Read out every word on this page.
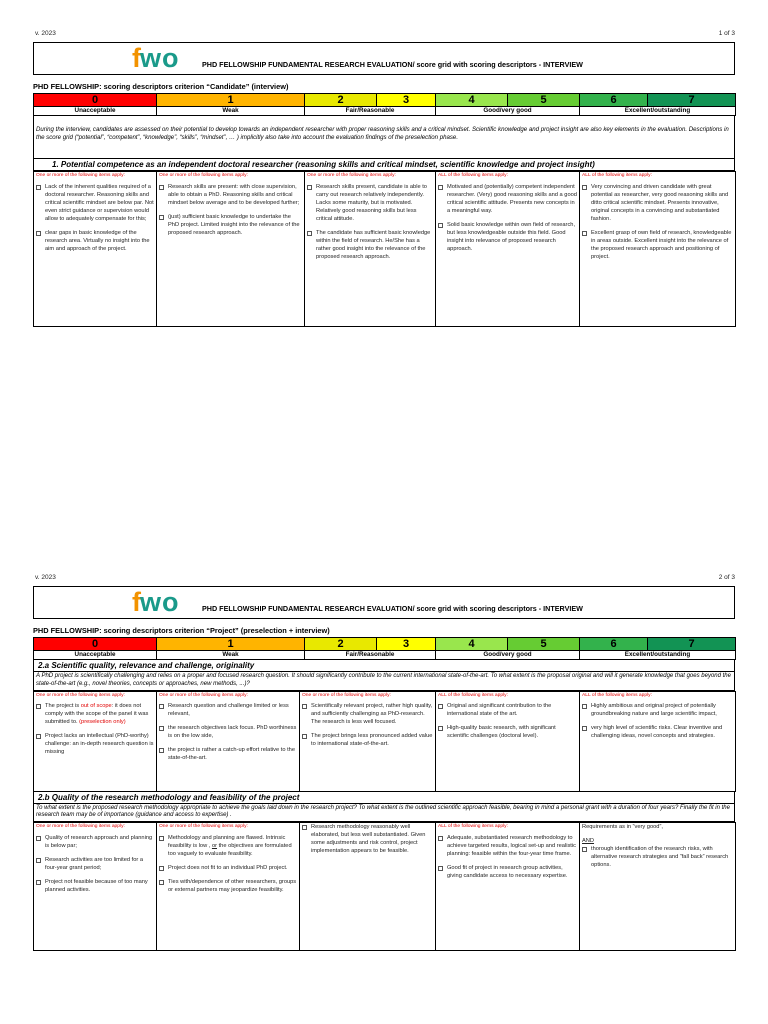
v. 2023	1 of 3
f wo	PHD FELLOWSHIP FUNDAMENTAL RESEARCH EVALUATION/ score grid with scoring descriptors - INTERVIEW
PHD FELLOWSHIP: scoring descriptors criterion “Candidate” (interview)
0	1	2	3	4	5	6	7
Unacceptable	Weak	Fair/Reasonable		Good/very good		Excellent/outstanding	
During the interview, candidates are assessed on their potential to develop towards an independent researcher with proper reasoning skills and a critical mindset. Scientific knowledge and project insight are also key elements in the evaluation. Descriptions in the score grid (“potential”, “competent”, “knowledge”, “skills”, “mindset”, … ) implicitly also take into account the evaluation findings of the preselection phase.
1. Potential competence as an independent doctoral researcher (reasoning skills and critical mindset, scientific knowledge and project insight)
One or more of the following items apply:
Lack of the inherent qualities required of a doctoral researcher. Reasoning skills and critical scientific mindset are below par. Not even strict guidance or supervision would allow to adequately compensate for this;
clear gaps in basic knowledge of the research area. Virtually no insight into the aim and approach of the project.

One or more of the following items apply:
Research skills are present: with close supervision, able to obtain a PhD. Reasoning skills and critical mindset below average and to be developed further;
(just) sufficient basic knowledge to undertake the PhD project. Limited insight into the relevance of the proposed research approach.

One or more of the following items apply:
Research skills present, candidate is able to carry out research relatively independently. Lacks some maturity, but is motivated. Relatively good reasoning skills but less critical attitude.
The candidate has sufficient basic knowledge within the field of research. He/She has a rather good insight into the relevance of the proposed research approach.

ALL of the following items apply:
Motivated and (potentially) competent independent researcher. (Very) good reasoning skills and a good critical scientific attitude. Presents new concepts in a meaningful way.
Solid basic knowledge within own field of research, but less knowledgeable outside this field. Good insight into relevance of proposed research approach.

ALL of the following items apply:
Very convincing and driven candidate with great potential as researcher, very good reasoning skills and ditto critical scientific mindset. Presents innovative, original concepts in a convincing and substantiated fashion.
Excellent grasp of own field of research, knowledgeable in areas outside. Excellent insight into the relevance of the proposed research approach and positioning of project.
v. 2023	2 of 3
f wo	PHD FELLOWSHIP FUNDAMENTAL RESEARCH EVALUATION/ score grid with scoring descriptors - INTERVIEW
PHD FELLOWSHIP: scoring descriptors criterion “Project” (preselection + interview)
0	1	2	3	4	5	6	7
Unacceptable	Weak	Fair/Reasonable		Good/very good		Excellent/outstanding	
2.a Scientific quality, relevance and challenge, originality
A PhD project is scientifically challenging and relies on a proper and focused research question. It should significantly contribute to the current international state-of-the-art. To what extent is the proposal original and will it generate knowledge that goes beyond the state-of-the-art (e.g., novel theories, concepts or approaches, new methods, ...)?
One or more of the following items apply:
The project is out of scope: it does not comply with the scope of the panel it was submitted to. (preselection only)
Project lacks an intellectual (PhD-worthy) challenge: an in-depth research question is missing

One or more of the following items apply:
Research question and challenge limited or less relevant,
the research objectives lack focus. PhD worthiness is on the low side,
the project is rather a catch-up effort relative to the state-of-the-art.

One or more of the following items apply:
Scientifically relevant project, rather high quality, and sufficiently challenging as PhD-research. The research is less well focused.
The project brings less pronounced added value to international state-of-the-art.

ALL of the following items apply:
Original and significant contribution to the international state of the art.
High-quality basic research, with significant scientific challenges (doctoral level).

ALL of the following items apply:
Highly ambitious and original project of potentially groundbreaking nature and large scientific impact,
very high level of scientific risks. Clear inventive and challenging ideas, novel concepts and strategies.
2.b Quality of the research methodology and feasibility of the project
To what extent is the proposed research methodology appropriate to achieve the goals laid down in the research project? To what extent is the outlined scientific approach feasible, bearing in mind a personal grant with a duration of four years? Finally the fit in the research team may be of importance (guidance and access to expertise) .
One or more of the following items apply:
Quality of research approach and planning is below par;
Research activities are too limited for a four-year grant period;
Project not feasible because of too many planned activities.

One or more of the following items apply:
Methodology and planning are flawed. Intrinsic feasibility is low , or the objectives are formulated too vaguely to evaluate feasibility.
Project does not fit to an individual PhD project.
Ties with/dependence of other researchers, groups or external partners may jeopardize feasibility.

Research methodology reasonably well elaborated, but less well substantiated. Given some adjustments and risk control, project implementation appears to be feasible.

ALL of the following items apply:
Adequate, substantiated research methodology to achieve targeted results, logical set-up and realistic planning: feasible within the four-year time frame.
Good fit of project in research group activities, giving candidate access to necessary expertise.

Requirements as in “very good”,
AND
thorough identification of the research risks, with alternative research strategies and “fall back” research options.
